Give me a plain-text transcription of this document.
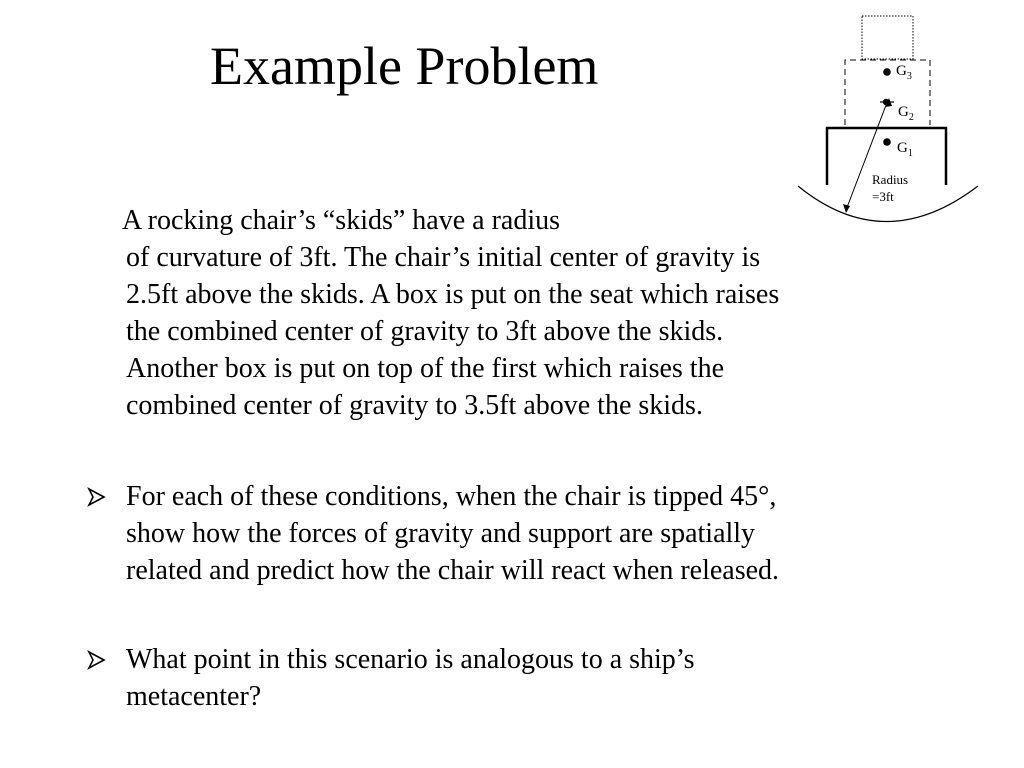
Example Problem	$G_3$
$G_2$
$G_1$
Radius
=3ft
A rocking chair’s “skids” have a radius
of curvature of 3ft. The chair’s initial center of gravity is
2.5ft above the skids. A box is put on the seat which raises
the combined center of gravity to 3ft above the skids.
Another box is put on top of the first which raises the
combined center of gravity to 3.5ft above the skids.
For each of these conditions, when the chair is tipped 45°,
show how the forces of gravity and support are spatially
related and predict how the chair will react when released.
What point in this scenario is analogous to a ship’s
metacenter?
